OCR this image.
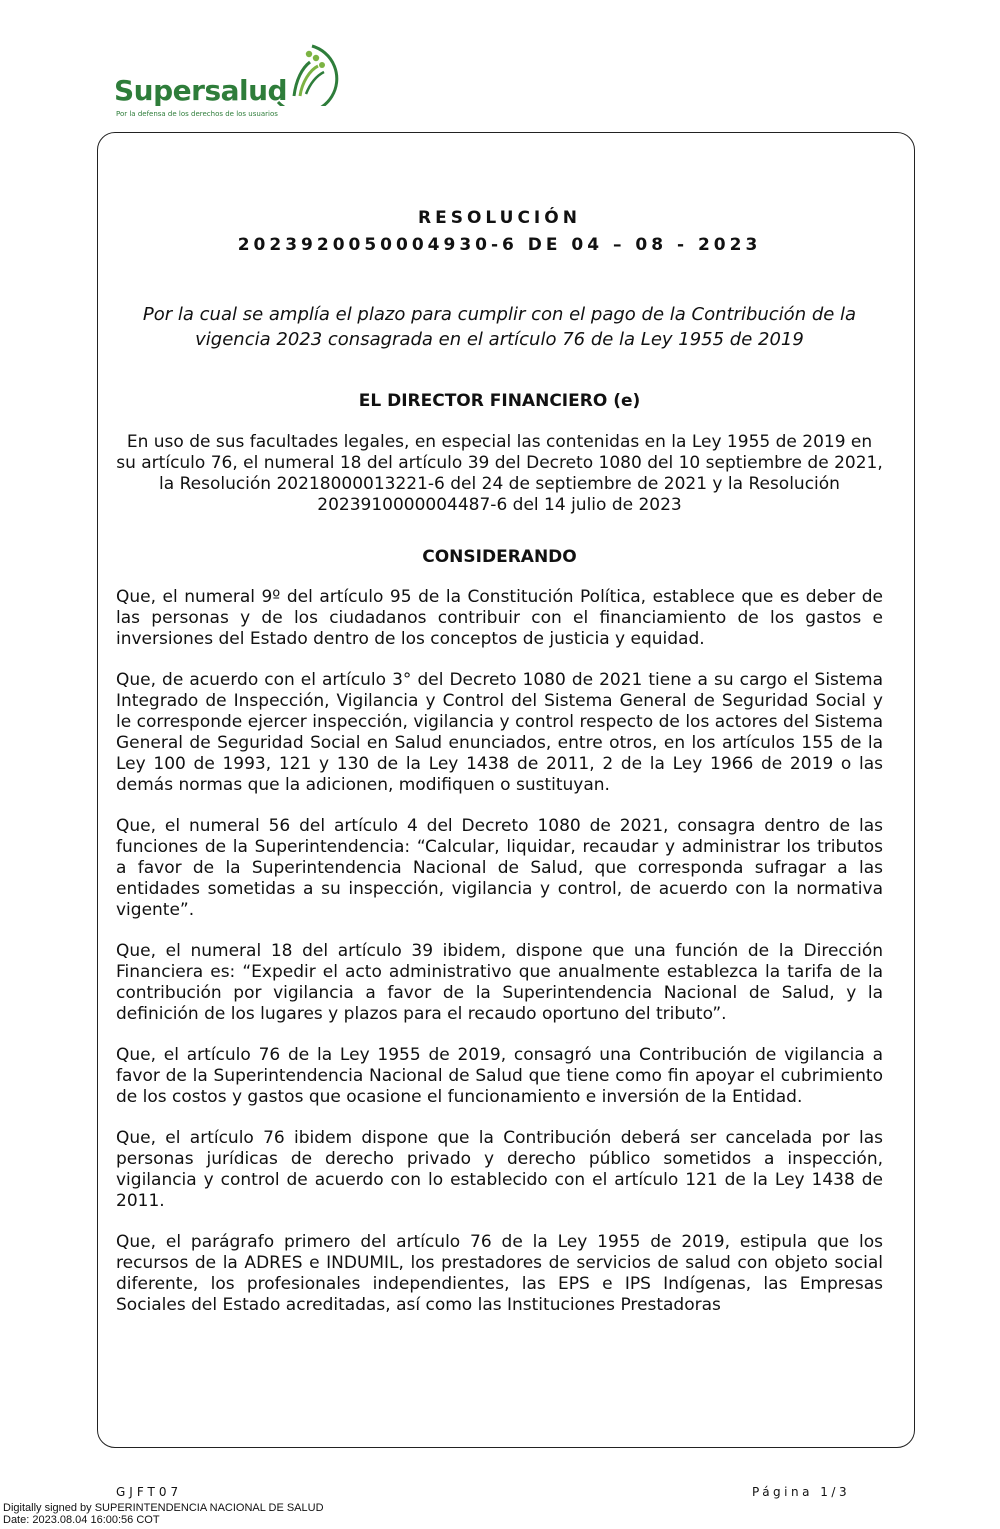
Supersalud
Por la defensa de los derechos de los usuarios

RESOLUCIÓN

2023920050004930-6 DE 04 – 08 - 2023

Por la cual se amplía el plazo para cumplir con el pago de la Contribución de la vigencia 2023 consagrada en el artículo 76 de la Ley 1955 de 2019

EL DIRECTOR FINANCIERO (e)

En uso de sus facultades legales, en especial las contenidas en la Ley 1955 de 2019 en su artículo 76, el numeral 18 del artículo 39 del Decreto 1080 del 10 septiembre de 2021, la Resolución 20218000013221-6 del 24 de septiembre de 2021 y la Resolución 2023910000004487-6 del 14 julio de 2023

CONSIDERANDO

Que, el numeral 9º del artículo 95 de la Constitución Política, establece que es deber de las personas y de los ciudadanos contribuir con el financiamiento de los gastos e inversiones del Estado dentro de los conceptos de justicia y equidad.

Que, de acuerdo con el artículo 3° del Decreto 1080 de 2021 tiene a su cargo el Sistema Integrado de Inspección, Vigilancia y Control del Sistema General de Seguridad Social y le corresponde ejercer inspección, vigilancia y control respecto de los actores del Sistema General de Seguridad Social en Salud enunciados, entre otros, en los artículos 155 de la Ley 100 de 1993, 121 y 130 de la Ley 1438 de 2011, 2 de la Ley 1966 de 2019 o las demás normas que la adicionen, modifiquen o sustituyan.

Que, el numeral 56 del artículo 4 del Decreto 1080 de 2021, consagra dentro de las funciones de la Superintendencia: “Calcular, liquidar, recaudar y administrar los tributos a favor de la Superintendencia Nacional de Salud, que corresponda sufragar a las entidades sometidas a su inspección, vigilancia y control, de acuerdo con la normativa vigente”.

Que, el numeral 18 del artículo 39 ibidem, dispone que una función de la Dirección Financiera es: “Expedir el acto administrativo que anualmente establezca la tarifa de la contribución por vigilancia a favor de la Superintendencia Nacional de Salud, y la definición de los lugares y plazos para el recaudo oportuno del tributo”.

Que, el artículo 76 de la Ley 1955 de 2019, consagró una Contribución de vigilancia a favor de la Superintendencia Nacional de Salud que tiene como fin apoyar el cubrimiento de los costos y gastos que ocasione el funcionamiento e inversión de la Entidad.

Que, el artículo 76 ibidem dispone que la Contribución deberá ser cancelada por las personas jurídicas de derecho privado y derecho público sometidos a inspección, vigilancia y control de acuerdo con lo establecido con el artículo 121 de la Ley 1438 de 2011.

Que, el parágrafo primero del artículo 76 de la Ley 1955 de 2019, estipula que los recursos de la ADRES e INDUMIL, los prestadores de servicios de salud con objeto social diferente, los profesionales independientes, las EPS e IPS Indígenas, las Empresas Sociales del Estado acreditadas, así como las Instituciones Prestadoras

GJFT07	Página 1/3
Digitally signed by SUPERINTENDENCIA NACIONAL DE SALUD
Date: 2023.08.04 16:00:56 COT
